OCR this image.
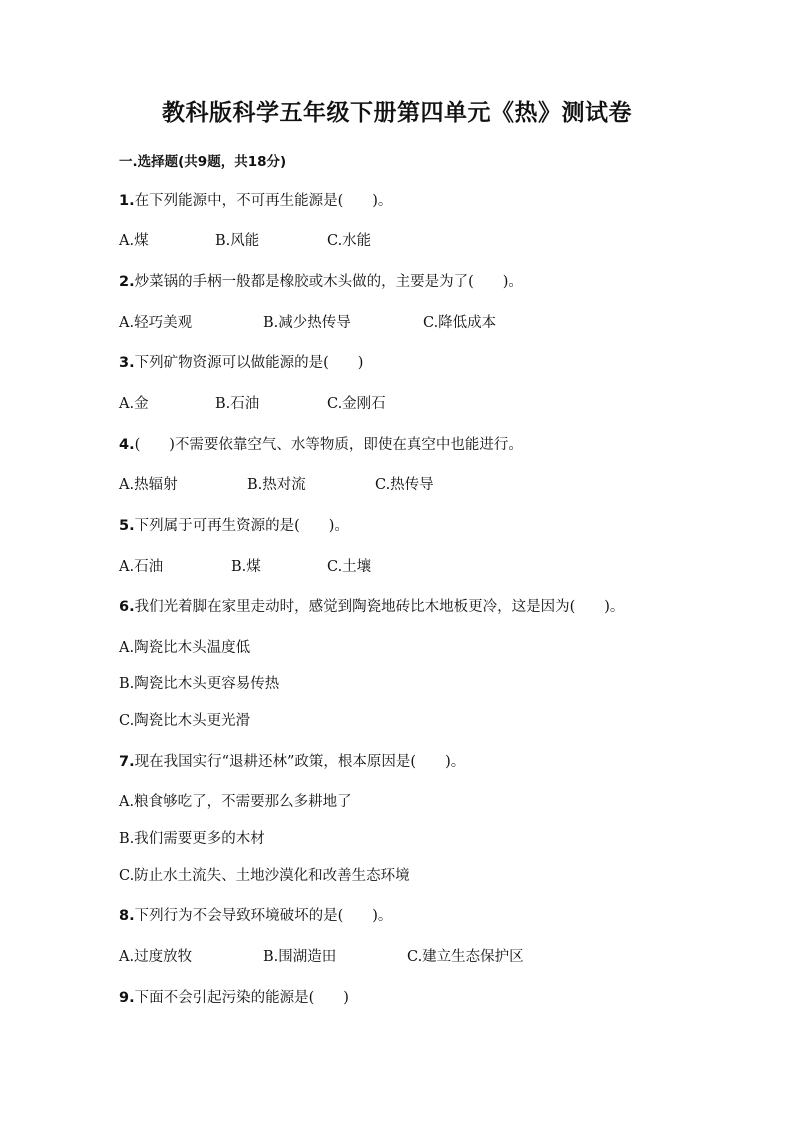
教科版科学五年级下册第四单元《热》测试卷
一.选择题(共9题，共18分)
1.在下列能源中，不可再生能源是(　　)。
A.煤	B.风能	C.水能
2.炒菜锅的手柄一般都是橡胶或木头做的，主要是为了(　　)。
A.轻巧美观	B.减少热传导	C.降低成本
3.下列矿物资源可以做能源的是(　　)
A.金	B.石油	C.金刚石
4.(　　)不需要依靠空气、水等物质，即使在真空中也能进行。
A.热辐射	B.热对流	C.热传导
5.下列属于可再生资源的是(　　)。
A.石油	B.煤	C.土壤
6.我们光着脚在家里走动时，感觉到陶瓷地砖比木地板更冷，这是因为(　　)。
A.陶瓷比木头温度低
B.陶瓷比木头更容易传热
C.陶瓷比木头更光滑
7.现在我国实行“退耕还林”政策，根本原因是(　　)。
A.粮食够吃了，不需要那么多耕地了
B.我们需要更多的木材
C.防止水土流失、土地沙漠化和改善生态环境
8.下列行为不会导致环境破坏的是(　　)。
A.过度放牧	B.围湖造田	C.建立生态保护区
9.下面不会引起污染的能源是(　　)
